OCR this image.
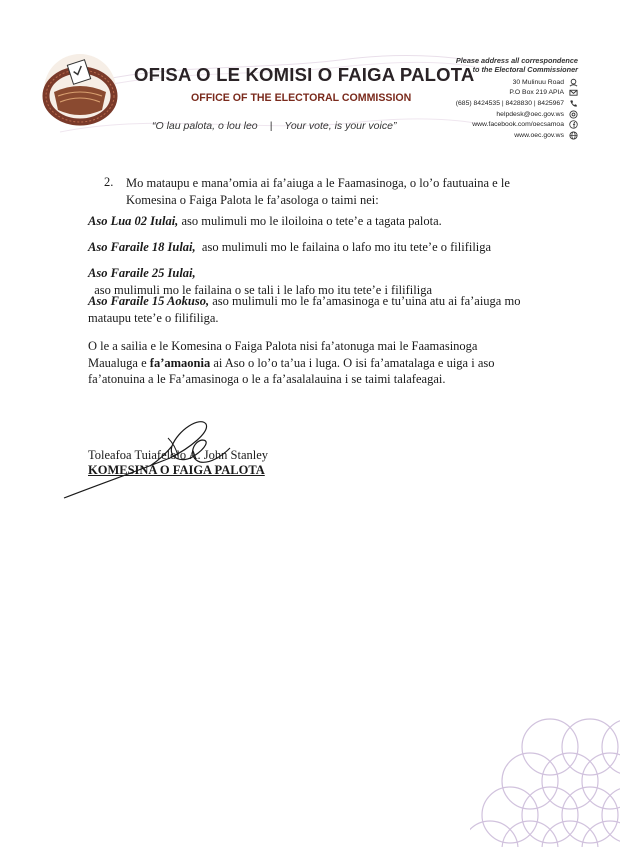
OFISA O LE KOMISI O FAIGA PALOTA
OFFICE OF THE ELECTORAL COMMISSION
“O lau palota, o lou leo | Your vote, is your voice”
Please address all correspondence
to the Electoral Commissioner
30 Mulinuu Road
P.O Box 219 APIA
(685) 8424535 | 8428830 | 8425967
helpdesk@oec.gov.ws
www.facebook.com/oecsamoa
www.oec.gov.ws
2. Mo mataupu e mana’omia ai fa’aiuga a le Faamasinoga, o lo’o fautuaina e le Komesina o Faiga Palota le fa’asologa o taimi nei:
Aso Lua 02 Iulai, aso mulimuli mo le iloiloina o tete’e a tagata palota.
Aso Faraile 18 Iulai,  aso mulimuli mo le failaina o lafo mo itu tete’e o filifiliga
Aso Faraile 25 Iulai,  aso mulimuli mo le failaina o se tali i le lafo mo itu tete’e i filifiliga
Aso Faraile 15 Aokuso, aso mulimuli mo le fa’amasinoga e tu’uina atu ai fa’aiuga mo mataupu tete’e o filifiliga.
O le a sailia e le Komesina o Faiga Palota nisi fa’atonuga mai le Faamasinoga Maualuga e fa’amaonia ai Aso o lo’o ta’ua i luga. O isi fa’amatalaga e uiga i aso fa’atonuina a le Fa’amasinoga o le a fa’asalalauina i se taimi talafeagai.
Toleafoa Tuiafelolo A. John Stanley
KOMESINA O FAIGA PALOTA
